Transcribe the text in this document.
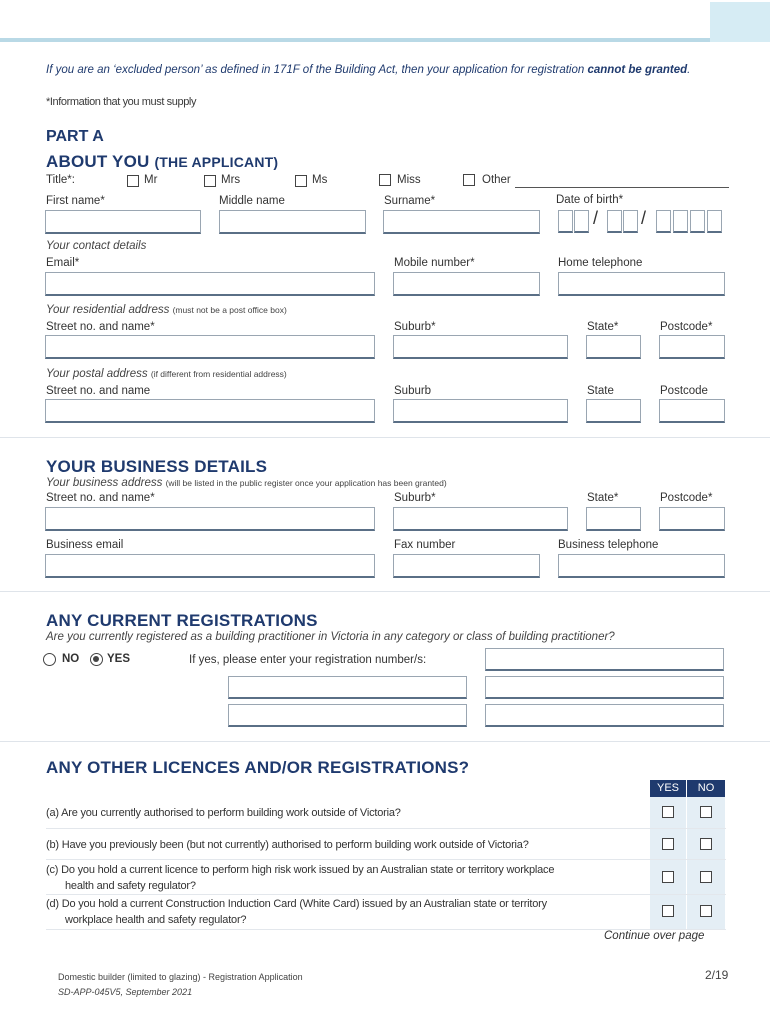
If you are an ‘excluded person’ as defined in 171F of the Building Act, then your application for registration cannot be granted.
*Information that you must supply
PART A
ABOUT YOU (THE APPLICANT)
Title*:	Mr	Mrs	Ms	Miss	Other
First name*	Middle name	Surname*	Date of birth*
/ /
Your contact details
Email*	Mobile number*	Home telephone
Your residential address (must not be a post office box)
Street no. and name*	Suburb*	State*	Postcode*
Your postal address (if different from residential address)
Street no. and name	Suburb	State	Postcode
YOUR BUSINESS DETAILS
Your business address (will be listed in the public register once your application has been granted)
Street no. and name*	Suburb*	State*	Postcode*
Business email	Fax number	Business telephone
ANY CURRENT REGISTRATIONS
Are you currently registered as a building practitioner in Victoria in any category or class of building practitioner?
NO YES	If yes, please enter your registration number/s:
ANY OTHER LICENCES AND/OR REGISTRATIONS?
YES	NO
(a) Are you currently authorised to perform building work outside of Victoria?
(b) Have you previously been (but not currently) authorised to perform building work outside of Victoria?
(c) Do you hold a current licence to perform high risk work issued by an Australian state or territory workplace
health and safety regulator?
(d) Do you hold a current Construction Induction Card (White Card) issued by an Australian state or territory
workplace health and safety regulator?
Continue over page
Domestic builder (limited to glazing) - Registration Application
SD-APP-045V5, September 2021
2/19
